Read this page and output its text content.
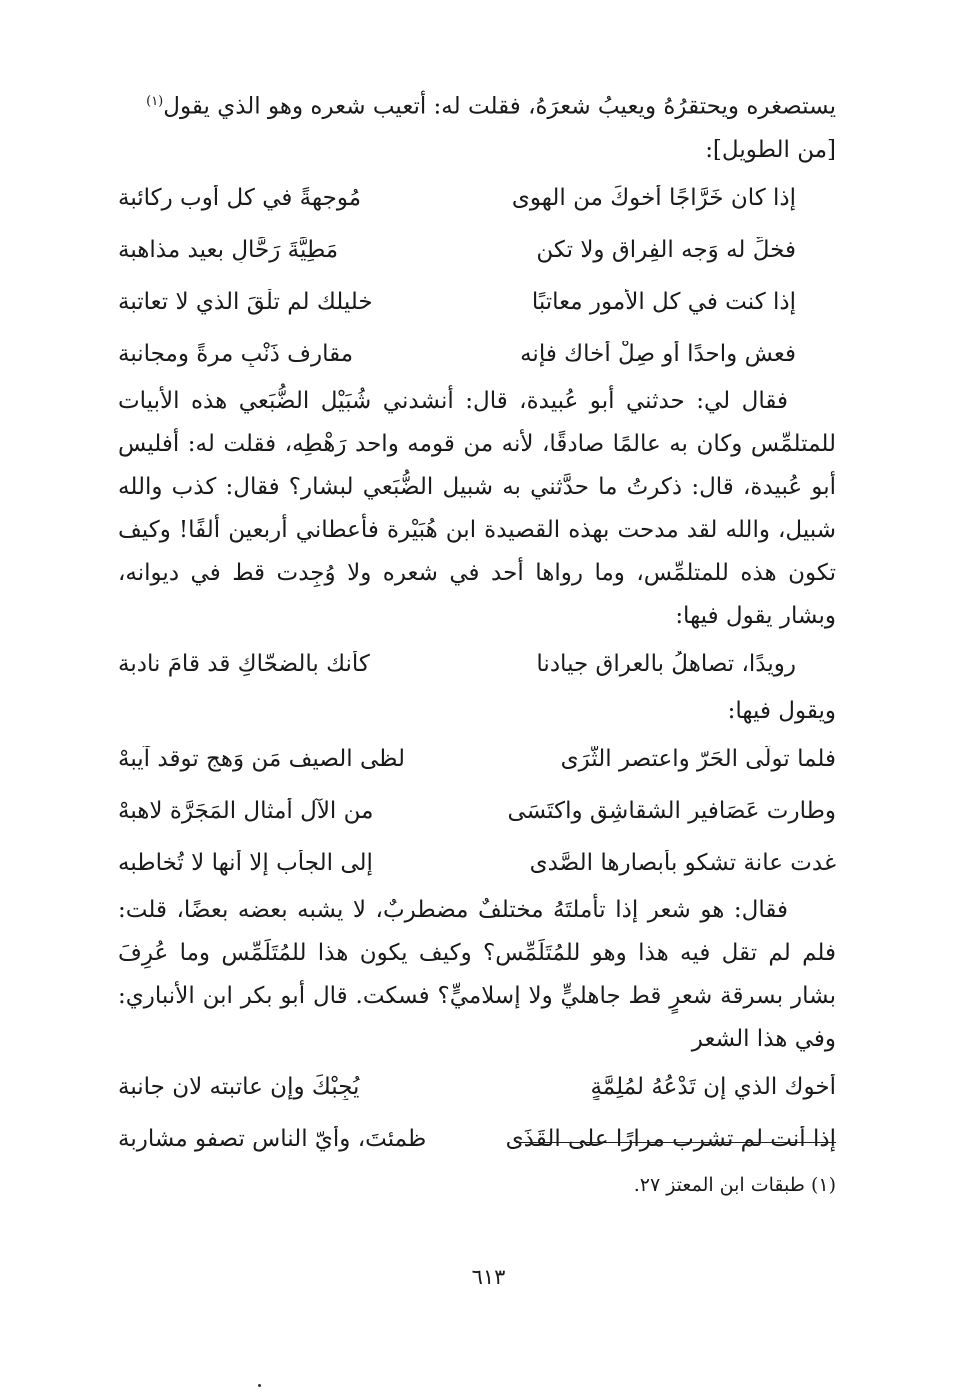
يستصغره ويحتقرُهُ ويعيبُ شعرَهُ، فقلت له: أتعيب شعره وهو الذي يقول$^{(١)}$

[من الطويل]:

إذا كان خَرَّاجًا أخوكَ من الهوى
مُوجهةً في كل أوب ركائبة
فخلِّ له وَجه الفِراق ولا تكن
مَطِيَّةَ رَحَّالٍ بعيد مذاهبة
إذا كنت في كل الأمور معاتبًا
خليلك لم تلْقَ الذي لا تعاتبة
فعش واحدًا أو صِلْ أخاك فإنه
مقارف ذَنْبٍ مرةً ومجانبة

فقال لي: حدثني أبو عُبيدة، قال: أنشدني شُبَيْل الضُّبَعي هذه الأبيات للمتلمِّس وكان به عالمًا صادقًا، لأنه من قومه واحد رَهْطِه، فقلت له: أفليس أبو عُبيدة، قال: ذكرتُ ما حدَّثني به شبيل الضُّبَعي لبشار؟ فقال: كذب والله شبيل، والله لقد مدحت بهذه القصيدة ابن هُبَيْرة فأعطاني أربعين ألفًا! وكيف تكون هذه للمتلمِّس، وما رواها أحد في شعره ولا وُجِدت قط في ديوانه، وبشار يقول فيها:

رويدًا، تصاهلُ بالعراق جيادنا
كأنك بالضحّاكِ قد قامَ نادبة

ويقول فيها:

فلما تولَّى الحَرّ واعتصر الثَّرَى
لظى الصيف مَن وَهج توقد آيبهْ
وطارت عَصَافير الشقاشِق واكتَسَى
من الآل أمثال المَجَرَّة لاهبهْ
غدت عانة تشكو بأبصارها الصَّدى
إلى الجأب إلا أنها لا تُخاطبه

فقال: هو شعر إذا تأملتَهُ مختلفٌ مضطربٌ، لا يشبه بعضه بعضًا، قلت: فلم لم تقل فيه هذا وهو للمُتَلَمِّس؟ وكيف يكون هذا للمُتَلَمِّس وما عُرِفَ بشار بسرقة شعرٍ قط جاهليٍّ ولا إسلاميٍّ؟ فسكت. قال أبو بكر ابن الأنباري: وفي هذا الشعر

أخوك الذي إن تَدْعُهُ لمُلِمَّةٍ
يُجِبْكَ وإن عاتبته لان جانبة
إذا أنت لم تشرب مرارًا على القَذَى
ظمئتَ، وأيّ الناس تصفو مشاربة
(١) طبقات ابن المعتز ٢٧.
٦١٣
